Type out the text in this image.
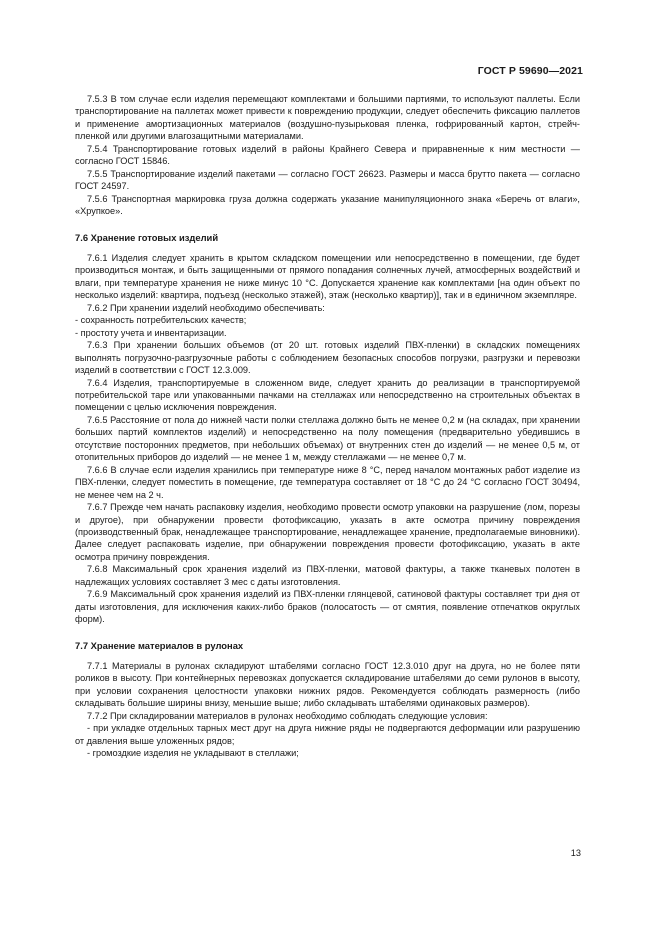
ГОСТ Р 59690—2021

7.5.3 В том случае если изделия перемещают комплектами и большими партиями, то используют паллеты. Если транспортирование на паллетах может привести к повреждению продукции, следует обеспечить фиксацию паллетов и применение амортизационных материалов (воздушно-пузырьковая пленка, гофрированный картон, стрейч-пленкой или другими влагозащитными материалами.

7.5.4 Транспортирование готовых изделий в районы Крайнего Севера и приравненные к ним местности — согласно ГОСТ 15846.

7.5.5 Транспортирование изделий пакетами — согласно ГОСТ 26623. Размеры и масса брутто пакета — согласно ГОСТ 24597.

7.5.6 Транспортная маркировка груза должна содержать указание манипуляционного знака «Беречь от влаги», «Хрупкое».

7.6 Хранение готовых изделий

7.6.1 Изделия следует хранить в крытом складском помещении или непосредственно в помещении, где будет производиться монтаж, и быть защищенными от прямого попадания солнечных лучей, атмосферных воздействий и влаги, при температуре хранения не ниже минус 10 °С. Допускается хранение как комплектами [на один объект по несколько изделий: квартира, подъезд (несколько этажей), этаж (несколько квартир)], так и в единичном экземпляре.

7.6.2 При хранении изделий необходимо обеспечивать:

- сохранность потребительских качеств;

- простоту учета и инвентаризации.

7.6.3 При хранении больших объемов (от 20 шт. готовых изделий ПВХ-пленки) в складских помещениях выполнять погрузочно-разгрузочные работы с соблюдением безопасных способов погрузки, разгрузки и перевозки изделий в соответствии с ГОСТ 12.3.009.

7.6.4 Изделия, транспортируемые в сложенном виде, следует хранить до реализации в транспортируемой потребительской таре или упакованными пачками на стеллажах или непосредственно на строительных объектах в помещении с целью исключения повреждения.

7.6.5 Расстояние от пола до нижней части полки стеллажа должно быть не менее 0,2 м (на складах, при хранении больших партий комплектов изделий) и непосредственно на полу помещения (предварительно убедившись в отсутствие посторонних предметов, при небольших объемах) от внутренних стен до изделий — не менее 0,5 м, от отопительных приборов до изделий — не менее 1 м, между стеллажами — не менее 0,7 м.

7.6.6 В случае если изделия хранились при температуре ниже 8 °С, перед началом монтажных работ изделие из ПВХ-пленки, следует поместить в помещение, где температура составляет от 18 °С до 24 °С согласно ГОСТ 30494, не менее чем на 2 ч.

7.6.7 Прежде чем начать распаковку изделия, необходимо провести осмотр упаковки на разрушение (лом, порезы и другое), при обнаружении провести фотофиксацию, указать в акте осмотра причину повреждения (производственный брак, ненадлежащее транспортирование, ненадлежащее хранение, предполагаемые виновники). Далее следует распаковать изделие, при обнаружении повреждения провести фотофиксацию, указать в акте осмотра причину повреждения.

7.6.8 Максимальный срок хранения изделий из ПВХ-пленки, матовой фактуры, а также тканевых полотен в надлежащих условиях составляет 3 мес с даты изготовления.

7.6.9 Максимальный срок хранения изделий из ПВХ-пленки глянцевой, сатиновой фактуры составляет три дня от даты изготовления, для исключения каких-либо браков (полосатость — от смятия, появление отпечатков округлых форм).

7.7 Хранение материалов в рулонах

7.7.1 Материалы в рулонах складируют штабелями согласно ГОСТ 12.3.010 друг на друга, но не более пяти роликов в высоту. При контейнерных перевозках допускается складирование штабелями до семи рулонов в высоту, при условии сохранения целостности упаковки нижних рядов. Рекомендуется соблюдать размерность (либо складывать большие ширины внизу, меньшие выше; либо складывать штабелями одинаковых размеров).

7.7.2 При складировании материалов в рулонах необходимо соблюдать следующие условия:

- при укладке отдельных тарных мест друг на друга нижние ряды не подвергаются деформации или разрушению от давления выше уложенных рядов;

- громоздкие изделия не укладывают в стеллажи;

13
